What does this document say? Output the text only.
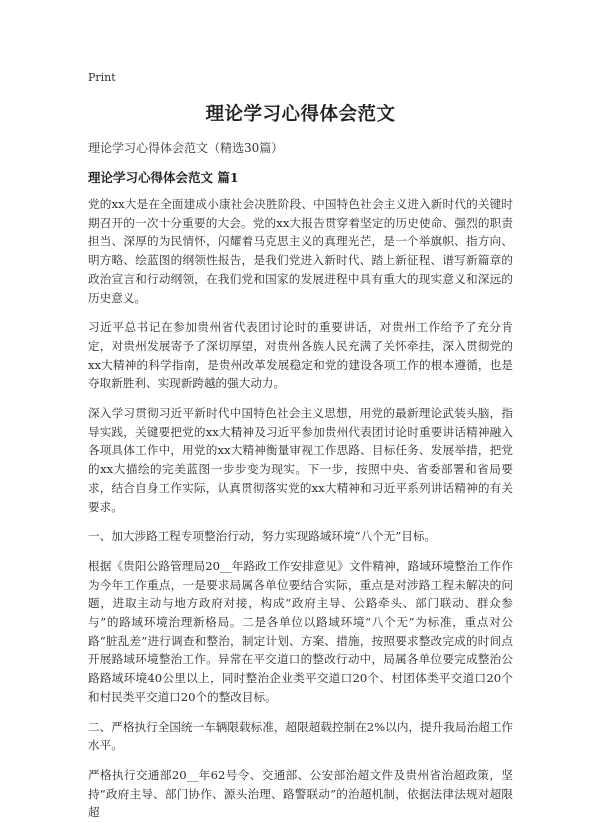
Print
理论学习心得体会范文

理论学习心得体会范文（精选30篇）

理论学习心得体会范文 篇1

党的xx大是在全面建成小康社会决胜阶段、中国特色社会主义进入新时代的关键时期召开的一次十分重要的大会。党的xx大报告贯穿着坚定的历史使命、强烈的职责担当、深厚的为民情怀，闪耀着马克思主义的真理光芒，是一个举旗帜、指方向、明方略、绘蓝图的纲领性报告，是我们党进入新时代、踏上新征程、谱写新篇章的政治宣言和行动纲领，在我们党和国家的发展进程中具有重大的现实意义和深远的历史意义。

习近平总书记在参加贵州省代表团讨论时的重要讲话，对贵州工作给予了充分肯定，对贵州发展寄予了深切厚望，对贵州各族人民充满了关怀牵挂，深入贯彻党的xx大精神的科学指南，是贵州改革发展稳定和党的建设各项工作的根本遵循，也是夺取新胜利、实现新跨越的强大动力。

深入学习贯彻习近平新时代中国特色社会主义思想，用党的最新理论武装头脑，指导实践，关键要把党的xx大精神及习近平参加贵州代表团讨论时重要讲话精神融入各项具体工作中，用党的xx大精神衡量审视工作思路、目标任务、发展举措，把党的xx大描绘的完美蓝图一步步变为现实。下一步，按照中央、省委部署和省局要求，结合自身工作实际，认真贯彻落实党的xx大精神和习近平系列讲话精神的有关要求。

一、加大涉路工程专项整治行动，努力实现路域环境“八个无”目标。

根据《贵阳公路管理局20__年路政工作安排意见》文件精神，路域环境整治工作作为今年工作重点，一是要求局属各单位要结合实际，重点是对涉路工程未解决的问题，进取主动与地方政府对接，构成“政府主导、公路牵头、部门联动、群众参与”的路域环境治理新格局。二是各单位以路域环境“八个无”为标准，重点对公路“脏乱差”进行调查和整治，制定计划、方案、措施，按照要求整改完成的时间点开展路域环境整治工作。异常在平交道口的整改行动中，局属各单位要完成整治公路路域环境40公里以上，同时整治企业类平交道口20个、村团体类平交道口20个和村民类平交道口20个的整改目标。

二、严格执行全国统一车辆限载标准，超限超载控制在2%以内，提升我局治超工作水平。

严格执行交通部20__年62号令、交通部、公安部治超文件及贵州省治超政策，坚持“政府主导、部门协作、源头治理、路警联动”的治超机制，依据法律法规对超限超
